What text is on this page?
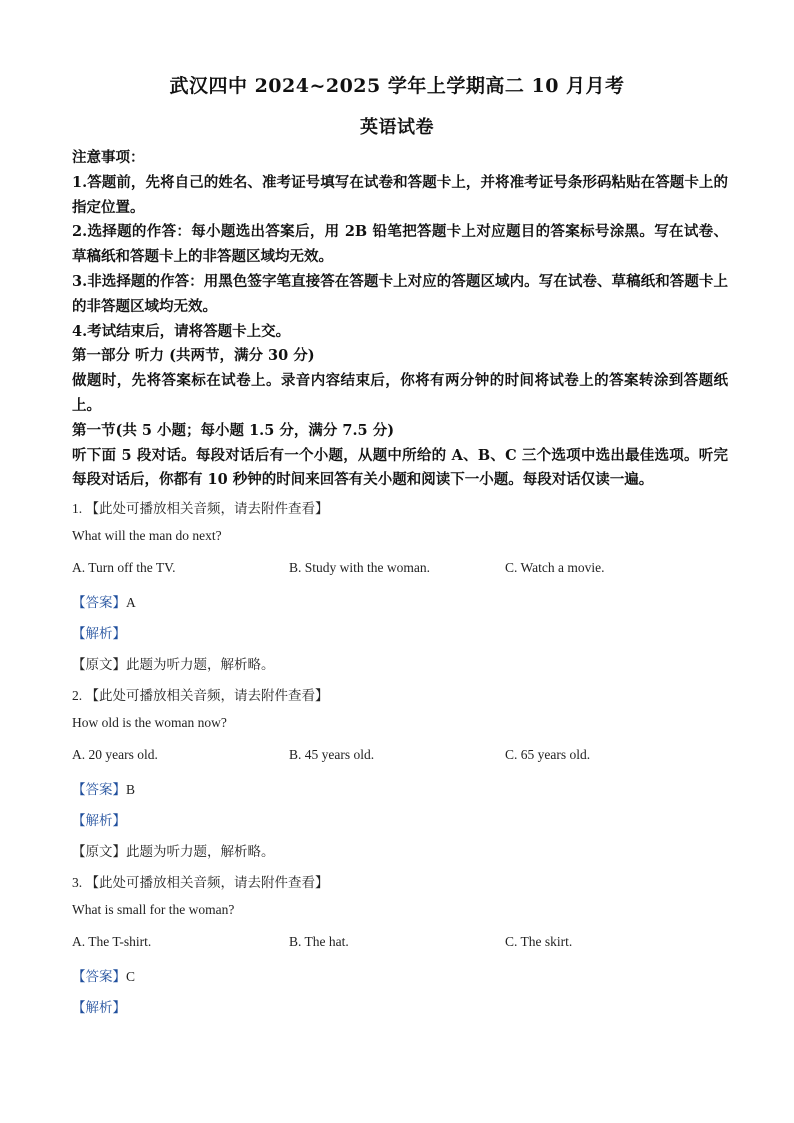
武汉四中 2024~2025 学年上学期高二 10 月月考
英语试卷

注意事项：

1.答题前，先将自己的姓名、准考证号填写在试卷和答题卡上，并将准考证号条形码粘贴在答题卡上的指定位置。

2.选择题的作答：每小题选出答案后，用 2B 铅笔把答题卡上对应题目的答案标号涂黑。写在试卷、草稿纸和答题卡上的非答题区域均无效。

3.非选择题的作答：用黑色签字笔直接答在答题卡上对应的答题区域内。写在试卷、草稿纸和答题卡上的非答题区域均无效。

4.考试结束后，请将答题卡上交。

第一部分 听力 (共两节，满分 30 分)

做题时，先将答案标在试卷上。录音内容结束后，你将有两分钟的时间将试卷上的答案转涂到答题纸上。

第一节(共 5 小题；每小题 1.5 分，满分 7.5 分)

听下面 5 段对话。每段对话后有一个小题，从题中所给的 A、B、C 三个选项中选出最佳选项。听完每段对话后，你都有 10 秒钟的时间来回答有关小题和阅读下一小题。每段对话仅读一遍。

1. 【此处可播放相关音频，请去附件查看】
What will the man do next?
A. Turn off the TV.	B. Study with the woman.	C. Watch a movie.
【答案】A
【解析】
【原文】此题为听力题，解析略。
2. 【此处可播放相关音频，请去附件查看】
How old is the woman now?
A. 20 years old.	B. 45 years old.	C. 65 years old.
【答案】B
【解析】
【原文】此题为听力题，解析略。
3. 【此处可播放相关音频，请去附件查看】
What is small for the woman?
A. The T-shirt.	B. The hat.	C. The skirt.
【答案】C
【解析】
